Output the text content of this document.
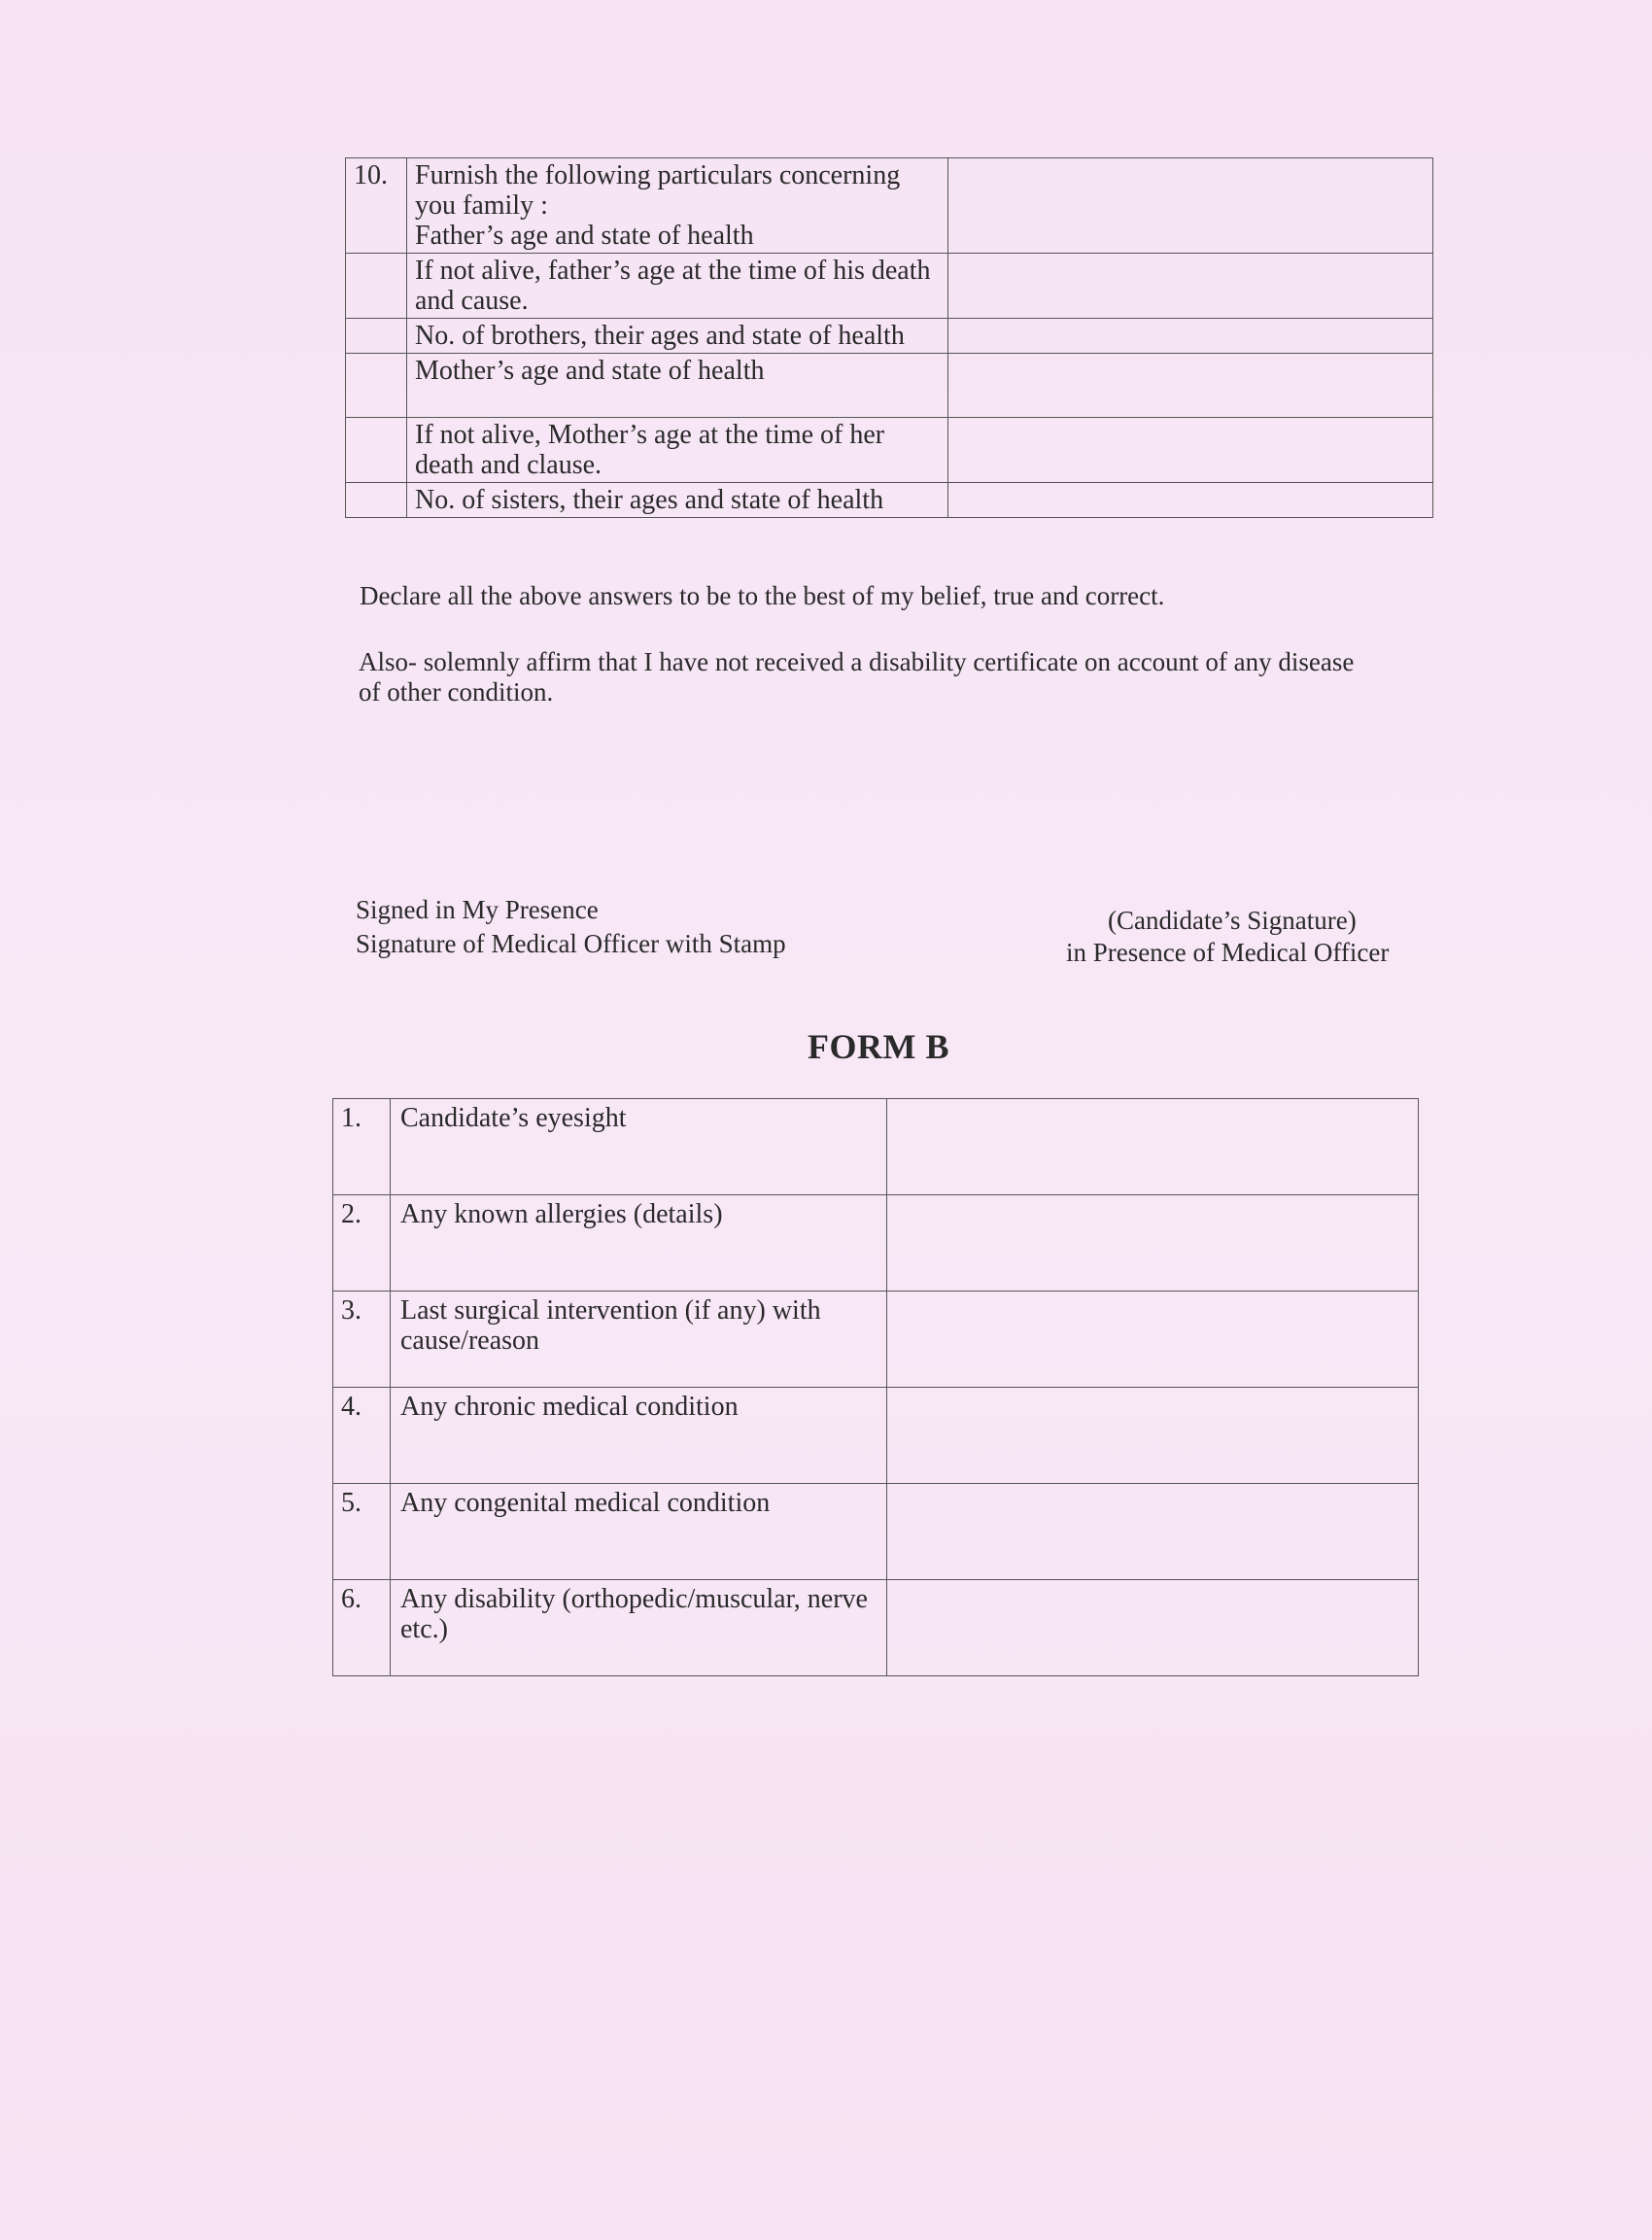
10.	Furnish the following particulars concerning you family :
Father’s age and state of health	
	If not alive, father’s age at the time of his death and cause.	
	No. of brothers, their ages and state of health	
	Mother’s age and state of health	
	If not alive, Mother’s age at the time of her death and clause.	
	No. of sisters, their ages and state of health	
Declare all the above answers to be to the best of my belief, true and correct.
Also- solemnly affirm that I have not received a disability certificate on account of any disease of other condition.
Signed in My Presence
Signature of Medical Officer with Stamp
(Candidate’s Signature)
in Presence of Medical Officer
FORM B
1.	Candidate’s eyesight	
2.	Any known allergies (details)	
3.	Last surgical intervention (if any) with cause/reason	
4.	Any chronic medical condition	
5.	Any congenital medical condition	
6.	Any disability (orthopedic/muscular, nerve etc.)	
